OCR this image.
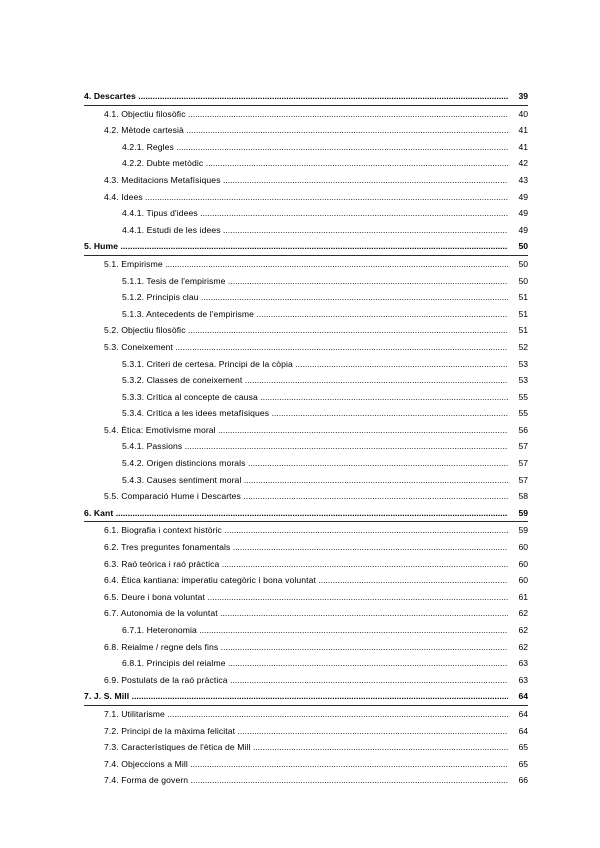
4. Descartes .....	39
4.1. Objectiu filosòfic .....	40
4.2. Mètode cartesià .....	41
4.2.1. Regles .....	41
4.2.2. Dubte metòdic .....	42
4.3. Meditacions Metafísiques .....	43
4.4. Idees .....	49
4.4.1. Tipus d'idees .....	49
4.4.1. Estudi de les idees .....	49
5. Hume .....	50
5.1. Empirisme .....	50
5.1.1. Tesis de l'empirisme .....	50
5.1.2. Principis clau .....	51
5.1.3. Antecedents de l'empirisme .....	51
5.2. Objectiu filosòfic .....	51
5.3. Coneixement .....	52
5.3.1. Criteri de certesa. Principi de la còpia .....	53
5.3.2. Classes de coneixement .....	53
5.3.3. Crítica al concepte de causa .....	55
5.3.4. Crítica a les idees metafísiques .....	55
5.4. Ètica: Emotivisme moral .....	56
5.4.1. Passions .....	57
5.4.2. Origen distincions morals .....	57
5.4.3. Causes sentiment moral .....	57
5.5. Comparació Hume i Descartes .....	58
6. Kant .....	59
6.1. Biografia i context històric .....	59
6.2. Tres preguntes fonamentals .....	60
6.3. Raó teòrica i raó pràctica .....	60
6.4. Ètica kantiana: imperatiu categòric i bona voluntat .....	60
6.5. Deure i bona voluntat .....	61
6.7. Autonomia de la voluntat .....	62
6.7.1. Heteronomia .....	62
6.8. Reialme / regne dels fins .....	62
6.8.1. Principis del reialme .....	63
6.9. Postulats de la raó pràctica .....	63
7. J. S. Mill .....	64
7.1. Utilitarisme .....	64
7.2. Principi de la màxima felicitat .....	64
7.3. Característiques de l'ètica de Mill .....	65
7.4. Objeccions a Mill .....	65
7.4. Forma de govern .....	66
